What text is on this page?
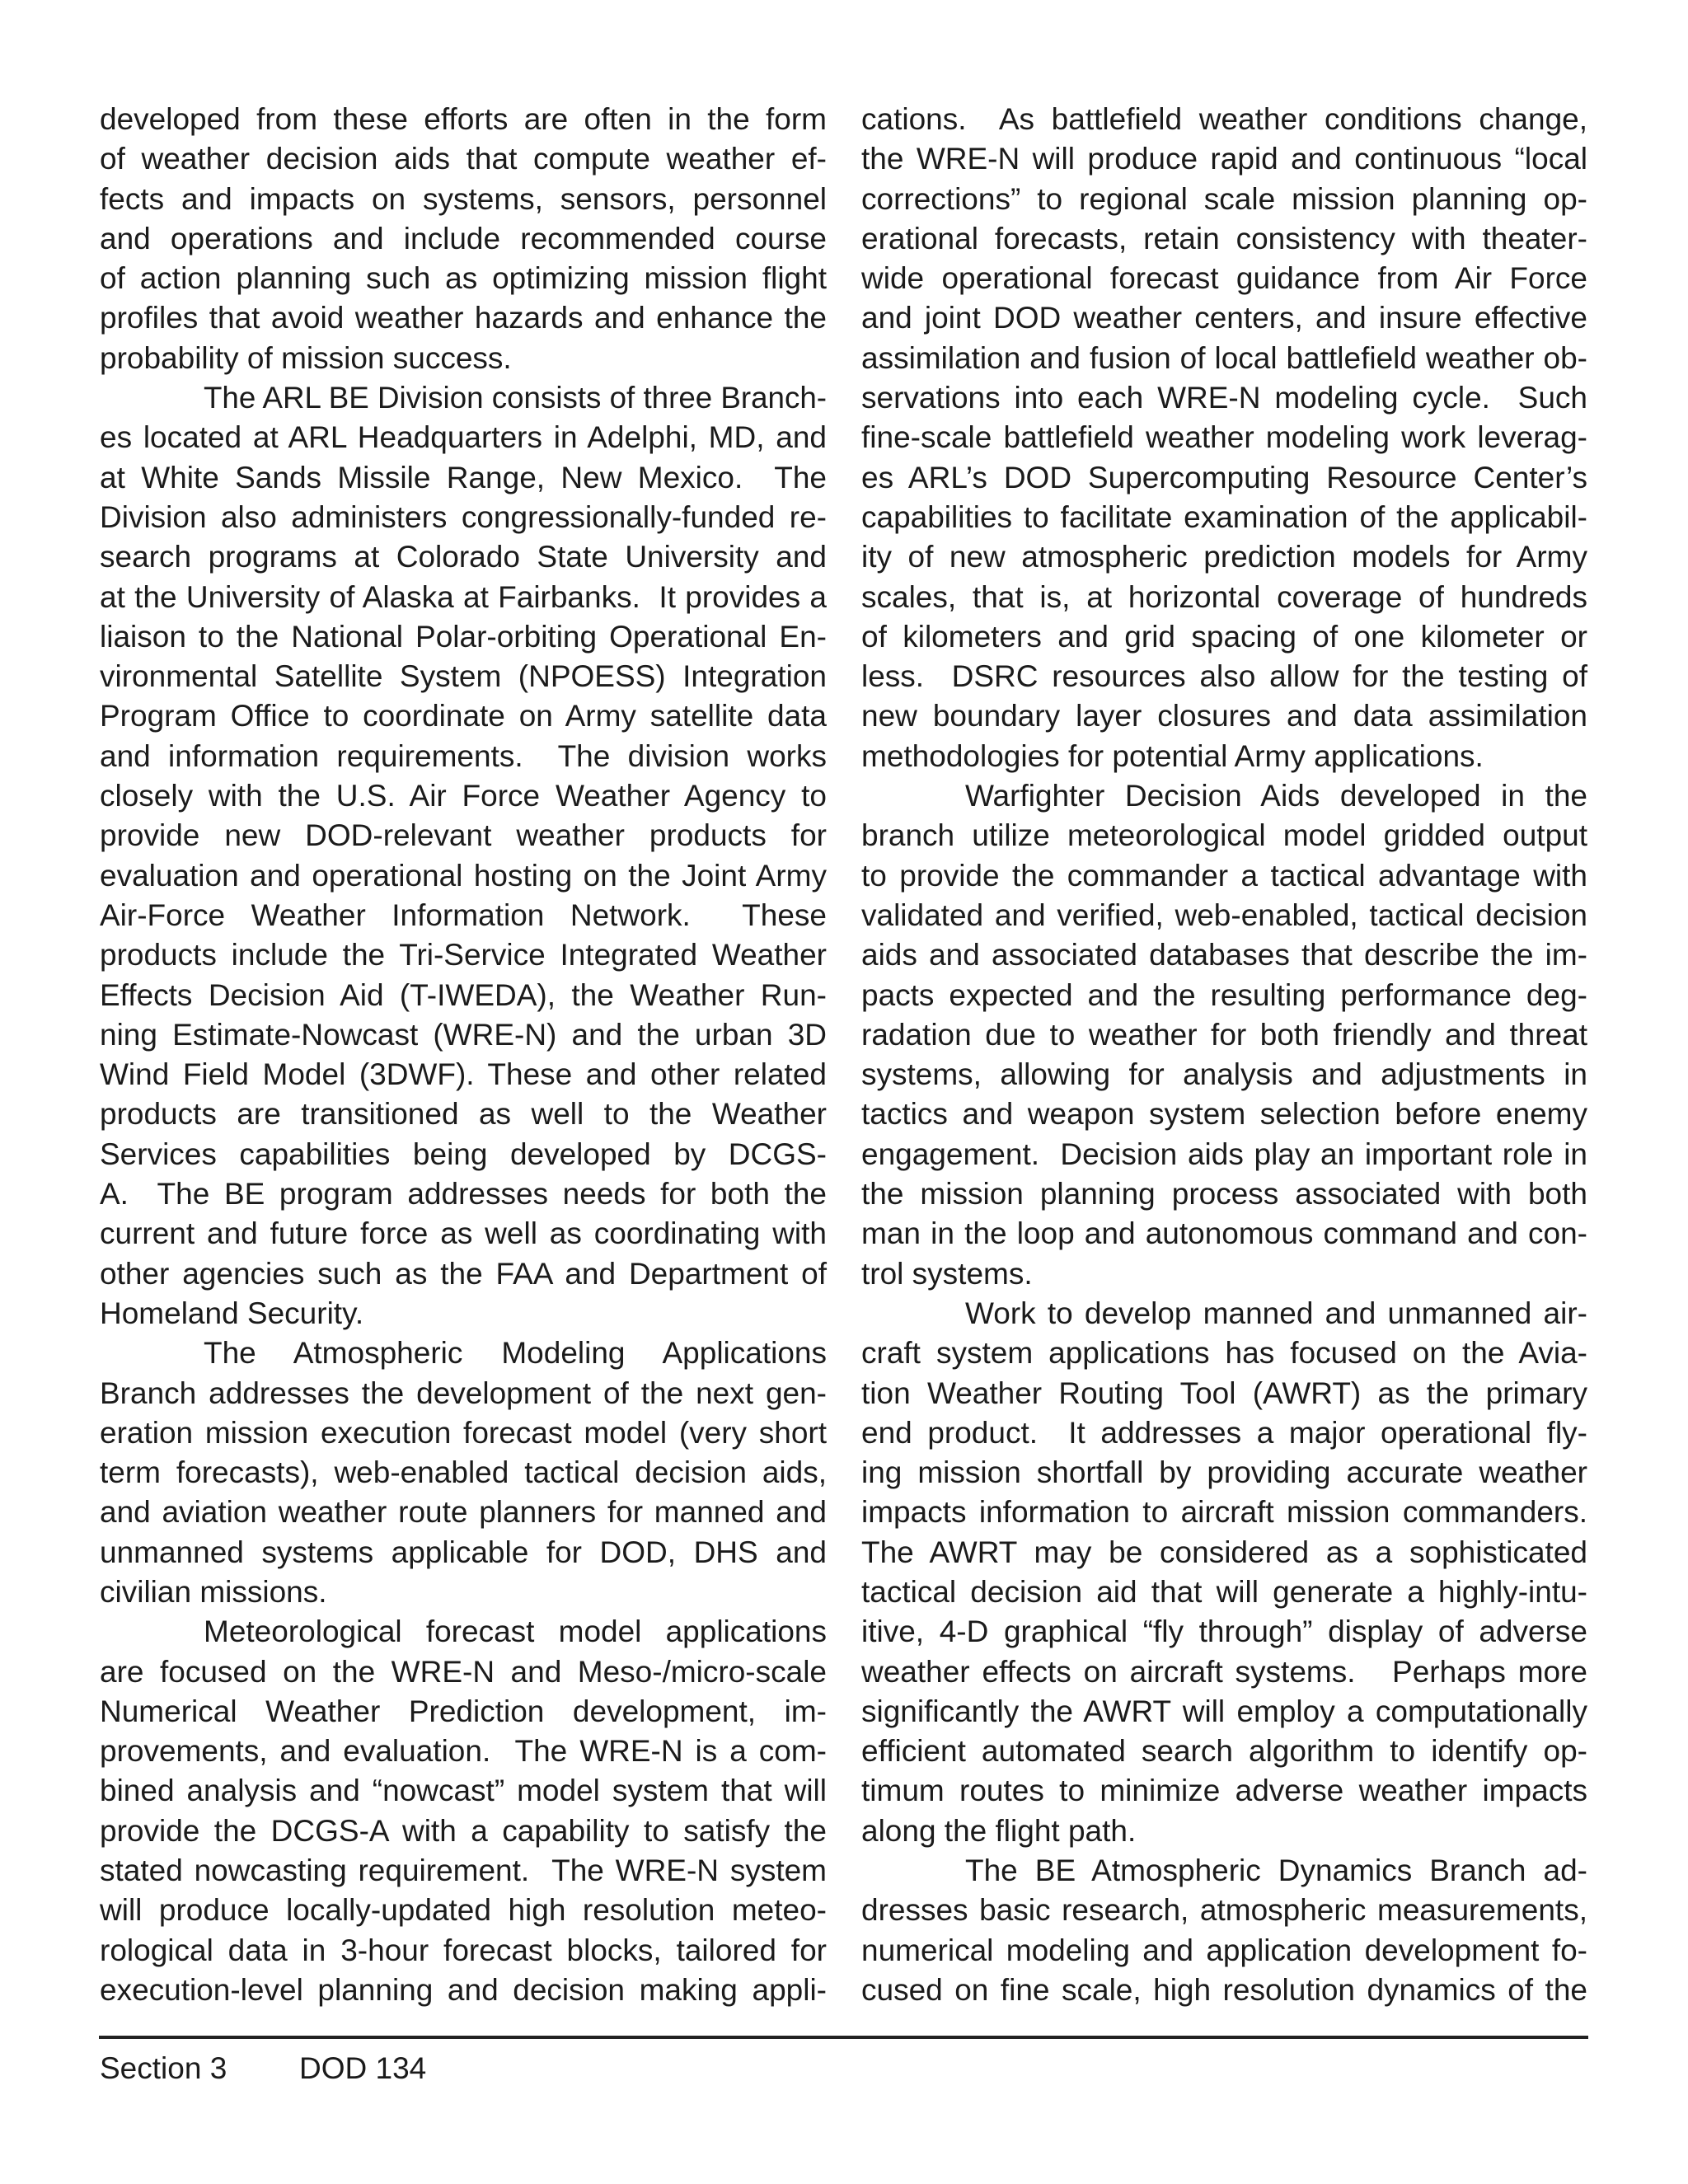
developed from these efforts are often in the form
of weather decision aids that compute weather ef-
fects and impacts on systems, sensors, personnel
and operations and include recommended course
of action planning such as optimizing mission flight
profiles that avoid weather hazards and enhance the
probability of mission success.
The ARL BE Division consists of three Branch-
es located at ARL Headquarters in Adelphi, MD, and
at White Sands Missile Range, New Mexico.  The
Division also administers congressionally-funded re-
search programs at Colorado State University and
at the University of Alaska at Fairbanks.  It provides a
liaison to the National Polar-orbiting Operational En-
vironmental Satellite System (NPOESS) Integration
Program Office to coordinate on Army satellite data
and information requirements.  The division works
closely with the U.S. Air Force Weather Agency to
provide new DOD-relevant weather products for
evaluation and operational hosting on the Joint Army
Air-Force Weather Information Network.  These
products include the Tri-Service Integrated Weather
Effects Decision Aid (T-IWEDA), the Weather Run-
ning Estimate-Nowcast (WRE-N) and the urban 3D
Wind Field Model (3DWF). These and other related
products are transitioned as well to the Weather
Services capabilities being developed by DCGS-
A.  The BE program addresses needs for both the
current and future force as well as coordinating with
other agencies such as the FAA and Department of
Homeland Security.
The Atmospheric Modeling Applications
Branch addresses the development of the next gen-
eration mission execution forecast model (very short
term forecasts), web-enabled tactical decision aids,
and aviation weather route planners for manned and
unmanned systems applicable for DOD, DHS and
civilian missions.
Meteorological forecast model applications
are focused on the WRE-N and Meso-/micro-scale
Numerical Weather Prediction development, im-
provements, and evaluation.  The WRE-N is a com-
bined analysis and “nowcast” model system that will
provide the DCGS-A with a capability to satisfy the
stated nowcasting requirement.  The WRE-N system
will produce locally-updated high resolution meteo-
rological data in 3-hour forecast blocks, tailored for
execution-level planning and decision making appli-
cations.  As battlefield weather conditions change,
the WRE-N will produce rapid and continuous “local
corrections” to regional scale mission planning op-
erational forecasts, retain consistency with theater-
wide operational forecast guidance from Air Force
and joint DOD weather centers, and insure effective
assimilation and fusion of local battlefield weather ob-
servations into each WRE-N modeling cycle.  Such
fine-scale battlefield weather modeling work leverag-
es ARL’s DOD Supercomputing Resource Center’s
capabilities to facilitate examination of the applicabil-
ity of new atmospheric prediction models for Army
scales, that is, at horizontal coverage of hundreds
of kilometers and grid spacing of one kilometer or
less.  DSRC resources also allow for the testing of
new boundary layer closures and data assimilation
methodologies for potential Army applications.
Warfighter Decision Aids developed in the
branch utilize meteorological model gridded output
to provide the commander a tactical advantage with
validated and verified, web-enabled, tactical decision
aids and associated databases that describe the im-
pacts expected and the resulting performance deg-
radation due to weather for both friendly and threat
systems, allowing for analysis and adjustments in
tactics and weapon system selection before enemy
engagement.  Decision aids play an important role in
the mission planning process associated with both
man in the loop and autonomous command and con-
trol systems.
Work to develop manned and unmanned air-
craft system applications has focused on the Avia-
tion Weather Routing Tool (AWRT) as the primary
end product.  It addresses a major operational fly-
ing mission shortfall by providing accurate weather
impacts information to aircraft mission commanders.
The AWRT may be considered as a sophisticated
tactical decision aid that will generate a highly-intu-
itive, 4-D graphical “fly through” display of adverse
weather effects on aircraft systems.   Perhaps more
significantly the AWRT will employ a computationally
efficient automated search algorithm to identify op-
timum routes to minimize adverse weather impacts
along the flight path.
The BE Atmospheric Dynamics Branch ad-
dresses basic research, atmospheric measurements,
numerical modeling and application development fo-
cused on fine scale, high resolution dynamics of the
Section 3 DOD 134
